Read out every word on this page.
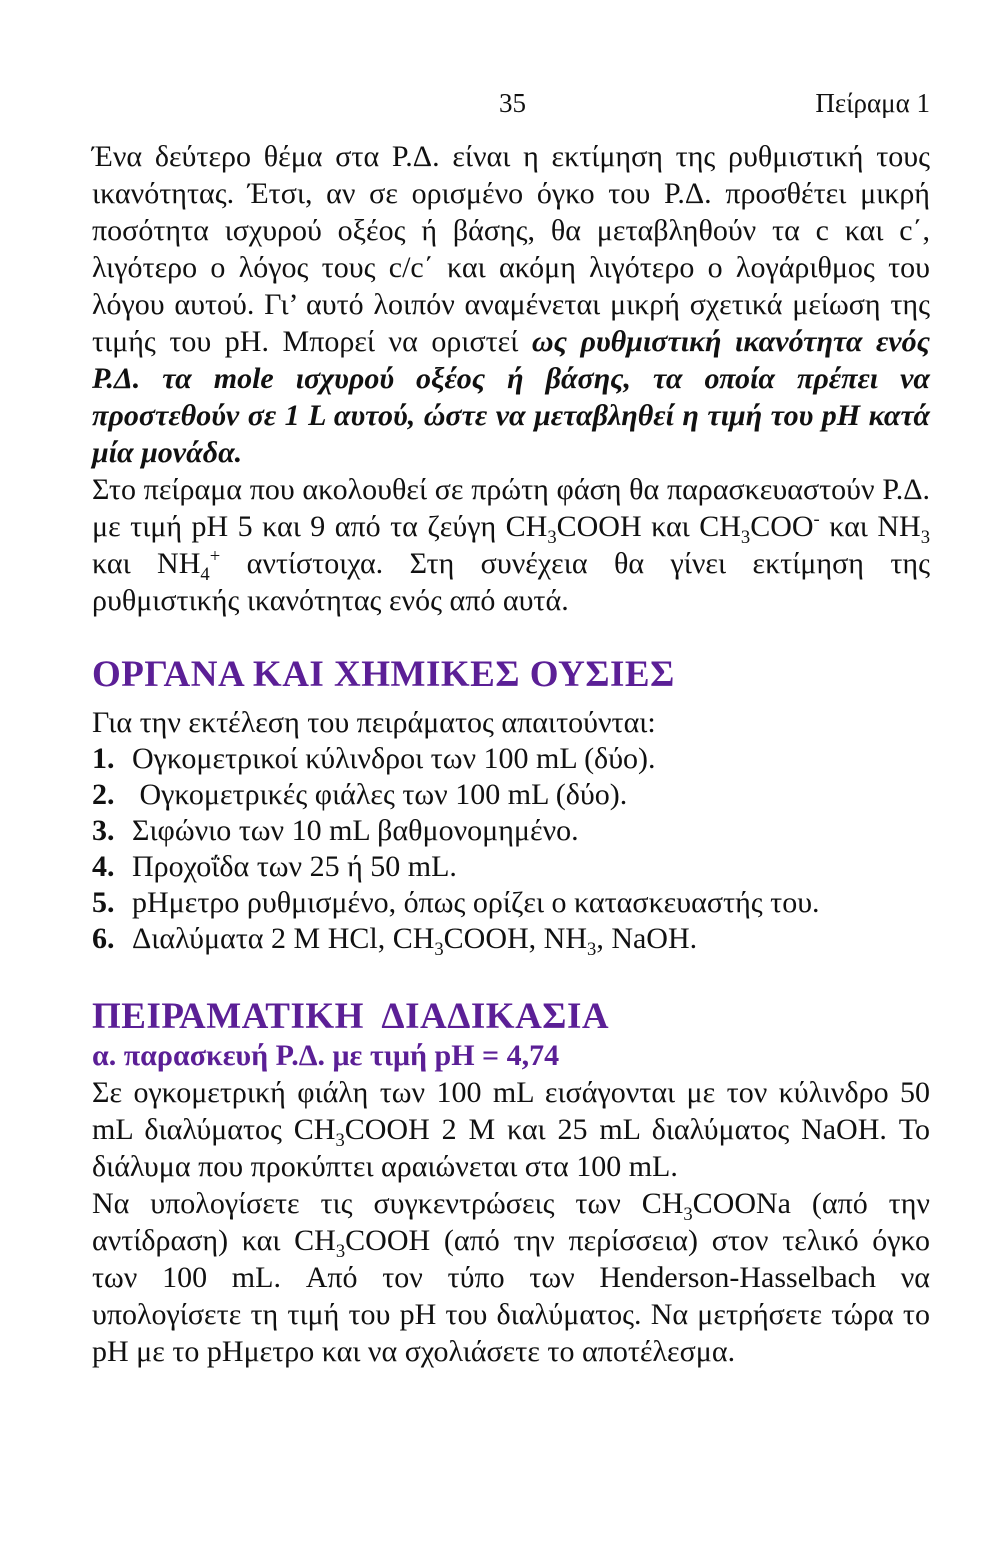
35	Πείραμα 1

Ένα δεύτερο θέμα στα Ρ.Δ. είναι η εκτίμηση της ρυθμιστική τους ικανότητας. Έτσι, αν σε ορισμένο όγκο του Ρ.Δ. προσθέτει μικρή ποσότητα ισχυρού οξέος ή βάσης, θα μεταβληθούν τα c και c΄, λιγότερο ο λόγος τους c/c΄ και ακόμη λιγότερο ο λογάριθμος του λόγου αυτού. Γι’ αυτό λοιπόν αναμένεται μικρή σχετικά μείωση της τιμής του pH. Μπορεί να οριστεί ως ρυθμιστική ικανότητα ενός Ρ.Δ. τα mole ισχυρού οξέος ή βάσης, τα οποία πρέπει να προστεθούν σε 1 L αυτού, ώστε να μεταβληθεί η τιμή του pH κατά μία μονάδα.

Στο πείραμα που ακολουθεί σε πρώτη φάση θα παρασκευαστούν Ρ.Δ. με τιμή pH 5 και 9 από τα ζεύγη $CH_3COOH$ και $CH_3COO^-$ και $NH_3$ και $NH_4^+$ αντίστοιχα. Στη συνέχεια θα γίνει εκτίμηση της ρυθμιστικής ικανότητας ενός από αυτά.

ΟΡΓΑΝΑ ΚΑΙ ΧΗΜΙΚΕΣ ΟΥΣΙΕΣ

Για την εκτέλεση του πειράματος απαιτούνται:

1. Ογκομετρικοί κύλινδροι των 100 mL (δύο).
2. Ογκομετρικές φιάλες των 100 mL (δύο).
3. Σιφώνιο των 10 mL βαθμονομημένο.
4. Προχοΐδα των 25 ή 50 mL.
5. pHμετρο ρυθμισμένο, όπως ορίζει ο κατασκευαστής του.
6. Διαλύματα 2 M HCl, $CH_3COOH$, $NH_3$, NaOH.
ΠΕΙΡΑΜΑΤΙΚΗ  ΔΙΑΔΙΚΑΣΙΑ

α. παρασκευή Ρ.Δ. με τιμή pH = 4,74

Σε ογκομετρική φιάλη των 100 mL εισάγονται με τον κύλινδρο 50 mL διαλύματος $CH_3COOH$ 2 M και 25 mL διαλύματος NaOH. Το διάλυμα που προκύπτει αραιώνεται στα 100 mL.

Να υπολογίσετε τις συγκεντρώσεις των $CH_3COONa$ (από την αντίδραση) και $CH_3COOH$ (από την περίσσεια) στον τελικό όγκο των 100 mL. Από τον τύπο των Henderson-Hasselbach να υπολογίσετε τη τιμή του pH του διαλύματος. Να μετρήσετε τώρα το pH με το pHμετρο και να σχολιάσετε το αποτέλεσμα.
